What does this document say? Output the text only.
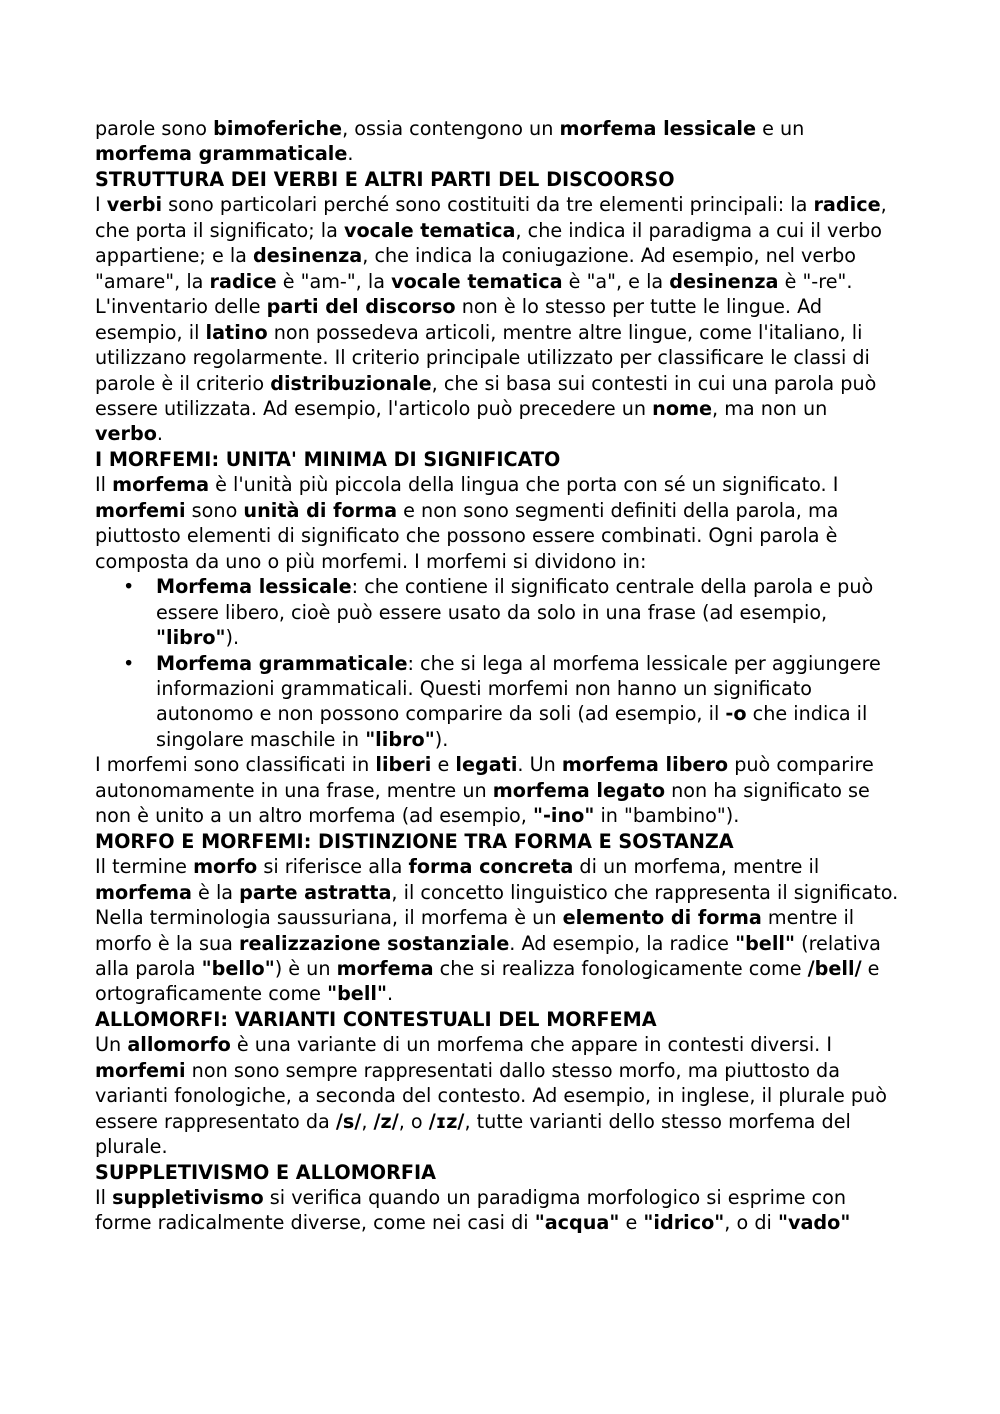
parole sono bimoferiche, ossia contengono un morfema lessicale e un morfema grammaticale.

STRUTTURA DEI VERBI E ALTRI PARTI DEL DISCOORSO

I verbi sono particolari perché sono costituiti da tre elementi principali: la radice, che porta il significato; la vocale tematica, che indica il paradigma a cui il verbo appartiene; e la desinenza, che indica la coniugazione. Ad esempio, nel verbo "amare", la radice è "am-", la vocale tematica è "a", e la desinenza è "-re".

L'inventario delle parti del discorso non è lo stesso per tutte le lingue. Ad esempio, il latino non possedeva articoli, mentre altre lingue, come l'italiano, li utilizzano regolarmente. Il criterio principale utilizzato per classificare le classi di parole è il criterio distribuzionale, che si basa sui contesti in cui una parola può essere utilizzata. Ad esempio, l'articolo può precedere un nome, ma non un verbo.

I MORFEMI: UNITA' MINIMA DI SIGNIFICATO

Il morfema è l'unità più piccola della lingua che porta con sé un significato. I morfemi sono unità di forma e non sono segmenti definiti della parola, ma piuttosto elementi di significato che possono essere combinati. Ogni parola è composta da uno o più morfemi. I morfemi si dividono in:

• Morfema lessicale: che contiene il significato centrale della parola e può essere libero, cioè può essere usato da solo in una frase (ad esempio, "libro").
• Morfema grammaticale: che si lega al morfema lessicale per aggiungere informazioni grammaticali. Questi morfemi non hanno un significato autonomo e non possono comparire da soli (ad esempio, il -o che indica il singolare maschile in "libro").

I morfemi sono classificati in liberi e legati. Un morfema libero può comparire autonomamente in una frase, mentre un morfema legato non ha significato se non è unito a un altro morfema (ad esempio, "-ino" in "bambino").

MORFO E MORFEMI: DISTINZIONE TRA FORMA E SOSTANZA

Il termine morfo si riferisce alla forma concreta di un morfema, mentre il morfema è la parte astratta, il concetto linguistico che rappresenta il significato. Nella terminologia saussuriana, il morfema è un elemento di forma mentre il morfo è la sua realizzazione sostanziale. Ad esempio, la radice "bell" (relativa alla parola "bello") è un morfema che si realizza fonologicamente come /bell/ e ortograficamente come "bell".

ALLOMORFI: VARIANTI CONTESTUALI DEL MORFEMA

Un allomorfo è una variante di un morfema che appare in contesti diversi. I morfemi non sono sempre rappresentati dallo stesso morfo, ma piuttosto da varianti fonologiche, a seconda del contesto. Ad esempio, in inglese, il plurale può essere rappresentato da /s/, /z/, o /ɪz/, tutte varianti dello stesso morfema del plurale.

SUPPLETIVISMO E ALLOMORFIA

Il suppletivismo si verifica quando un paradigma morfologico si esprime con forme radicalmente diverse, come nei casi di "acqua" e "idrico", o di "vado"
